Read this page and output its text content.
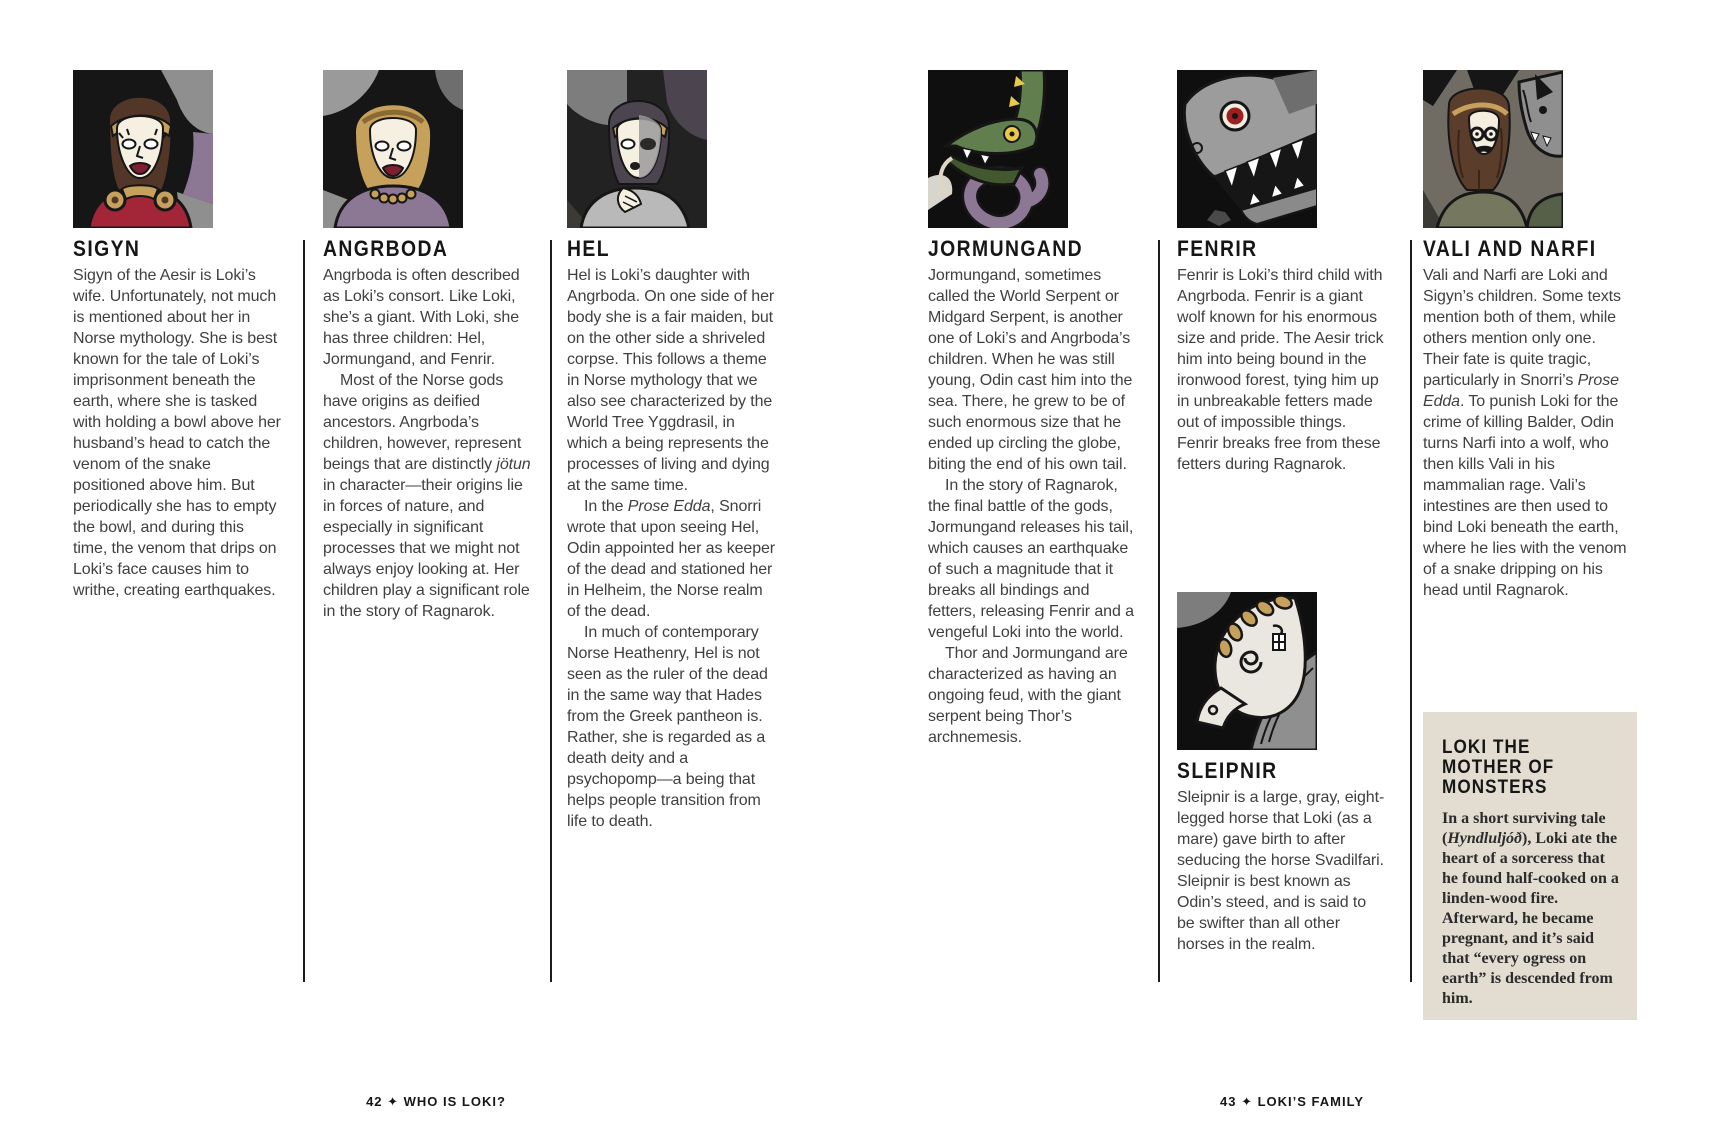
SIGYN

Sigyn of the Aesir is Loki’s wife. Unfortunately, not much is mentioned about her in Norse mythology. She is best known for the tale of Loki’s imprisonment beneath the earth, where she is tasked with holding a bowl above her husband’s head to catch the venom of the snake positioned above him. But periodically she has to empty the bowl, and during this time, the venom that drips on Loki’s face causes him to writhe, creating earthquakes.

ANGRBODA

Angrboda is often described as Loki’s consort. Like Loki, she’s a giant. With Loki, she has three children: Hel, Jormungand, and Fenrir.

Most of the Norse gods have origins as deified ancestors. Angrboda’s children, however, represent beings that are distinctly jötun in character—their origins lie in forces of nature, and especially in significant processes that we might not always enjoy looking at. Her children play a significant role in the story of Ragnarok.

HEL

Hel is Loki’s daughter with Angrboda. On one side of her body she is a fair maiden, but on the other side a shriveled corpse. This follows a theme in Norse mythology that we also see characterized by the World Tree Yggdrasil, in which a being represents the processes of living and dying at the same time.

In the Prose Edda, Snorri wrote that upon seeing Hel, Odin appointed her as keeper of the dead and stationed her in Helheim, the Norse realm of the dead.

In much of contemporary Norse Heathenry, Hel is not seen as the ruler of the dead in the same way that Hades from the Greek pantheon is. Rather, she is regarded as a death deity and a psychopomp—a being that helps people transition from life to death.

JORMUNGAND

Jormungand, sometimes called the World Serpent or Midgard Serpent, is another one of Loki’s and Angrboda’s children. When he was still young, Odin cast him into the sea. There, he grew to be of such enormous size that he ended up circling the globe, biting the end of his own tail.

In the story of Ragnarok, the final battle of the gods, Jormungand releases his tail, which causes an earthquake of such a magnitude that it breaks all bindings and fetters, releasing Fenrir and a vengeful Loki into the world.

Thor and Jormungand are characterized as having an ongoing feud, with the giant serpent being Thor’s archnemesis.

FENRIR

Fenrir is Loki’s third child with Angrboda. Fenrir is a giant wolf known for his enormous size and pride. The Aesir trick him into being bound in the ironwood forest, tying him up in unbreakable fetters made out of impossible things. Fenrir breaks free from these fetters during Ragnarok.

SLEIPNIR

Sleipnir is a large, gray, eight-legged horse that Loki (as a mare) gave birth to after seducing the horse Svadilfari. Sleipnir is best known as Odin’s steed, and is said to be swifter than all other horses in the realm.

VALI AND NARFI

Vali and Narfi are Loki and Sigyn’s children. Some texts mention both of them, while others mention only one. Their fate is quite tragic, particularly in Snorri’s Prose Edda. To punish Loki for the crime of killing Balder, Odin turns Narfi into a wolf, who then kills Vali in his mammalian rage. Vali’s intestines are then used to bind Loki beneath the earth, where he lies with the venom of a snake dripping on his head until Ragnarok.

LOKI THE MOTHER OF MONSTERS

In a short surviving tale (Hyndluljóð), Loki ate the heart of a sorceress that he found half-cooked on a linden-wood fire. Afterward, he became pregnant, and it’s said that “every ogress on earth” is descended from him.

42 ✦ WHO IS LOKI?	43 ✦ LOKI’S FAMILY
